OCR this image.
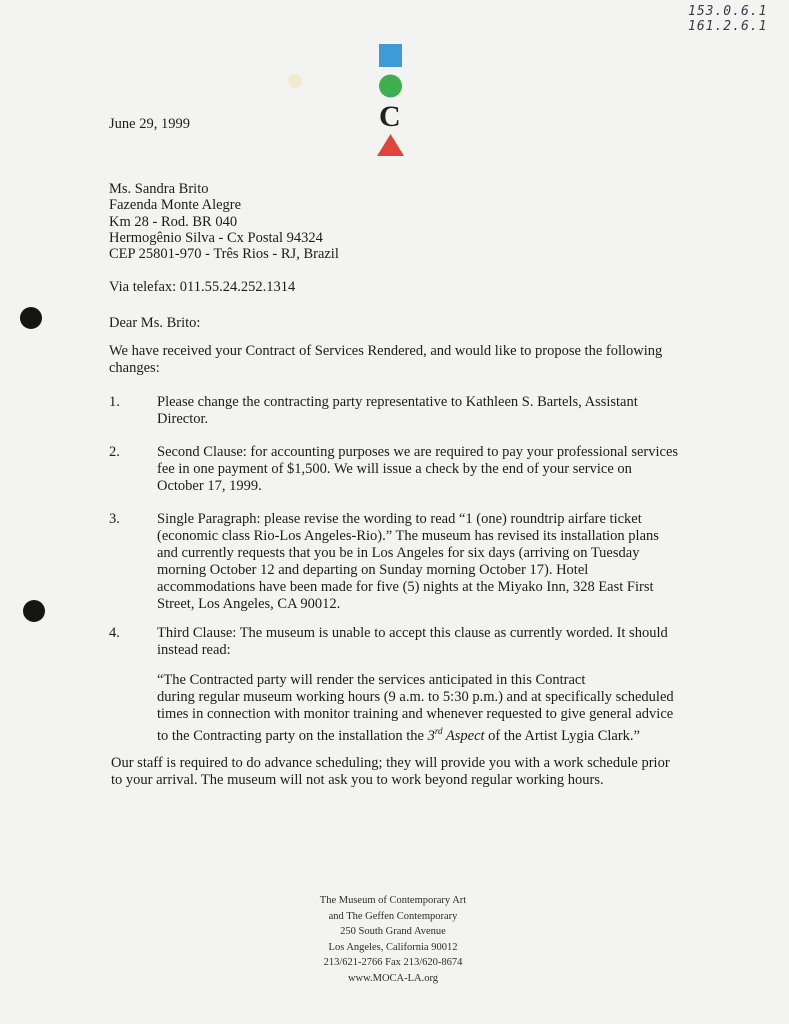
153.0.6.1
161.2.6.1
C
June 29, 1999
Ms. Sandra Brito
Fazenda Monte Alegre
Km 28 - Rod. BR 040
Hermogênio Silva - Cx Postal 94324
CEP 25801-970 - Três Rios - RJ, Brazil
Via telefax: 011.55.24.252.1314
Dear Ms. Brito:
We have received your Contract of Services Rendered, and would like to propose the following changes:
1.	Please change the contracting party representative to Kathleen S. Bartels, Assistant
Director.
2.	Second Clause: for accounting purposes we are required to pay your professional services
fee in one payment of $1,500. We will issue a check by the end of your service on
October 17, 1999.
3.	Single Paragraph: please revise the wording to read “1 (one) roundtrip airfare ticket
(economic class Rio-Los Angeles-Rio).” The museum has revised its installation plans
and currently requests that you be in Los Angeles for six days (arriving on Tuesday
morning October 12 and departing on Sunday morning October 17). Hotel
accommodations have been made for five (5) nights at the Miyako Inn, 328 East First
Street, Los Angeles, CA 90012.
4.	Third Clause: The museum is unable to accept this clause as currently worded. It should
instead read:
“The Contracted party will render the services anticipated in this Contract
during regular museum working hours (9 a.m. to 5:30 p.m.) and at specifically scheduled
times in connection with monitor training and whenever requested to give general advice
to the Contracting party on the installation the 3rd Aspect of the Artist Lygia Clark.”
Our staff is required to do advance scheduling; they will provide you with a work schedule prior
to your arrival. The museum will not ask you to work beyond regular working hours.
The Museum of Contemporary Art
and The Geffen Contemporary
250 South Grand Avenue
Los Angeles, California 90012
213/621-2766 Fax 213/620-8674
www.MOCA-LA.org
